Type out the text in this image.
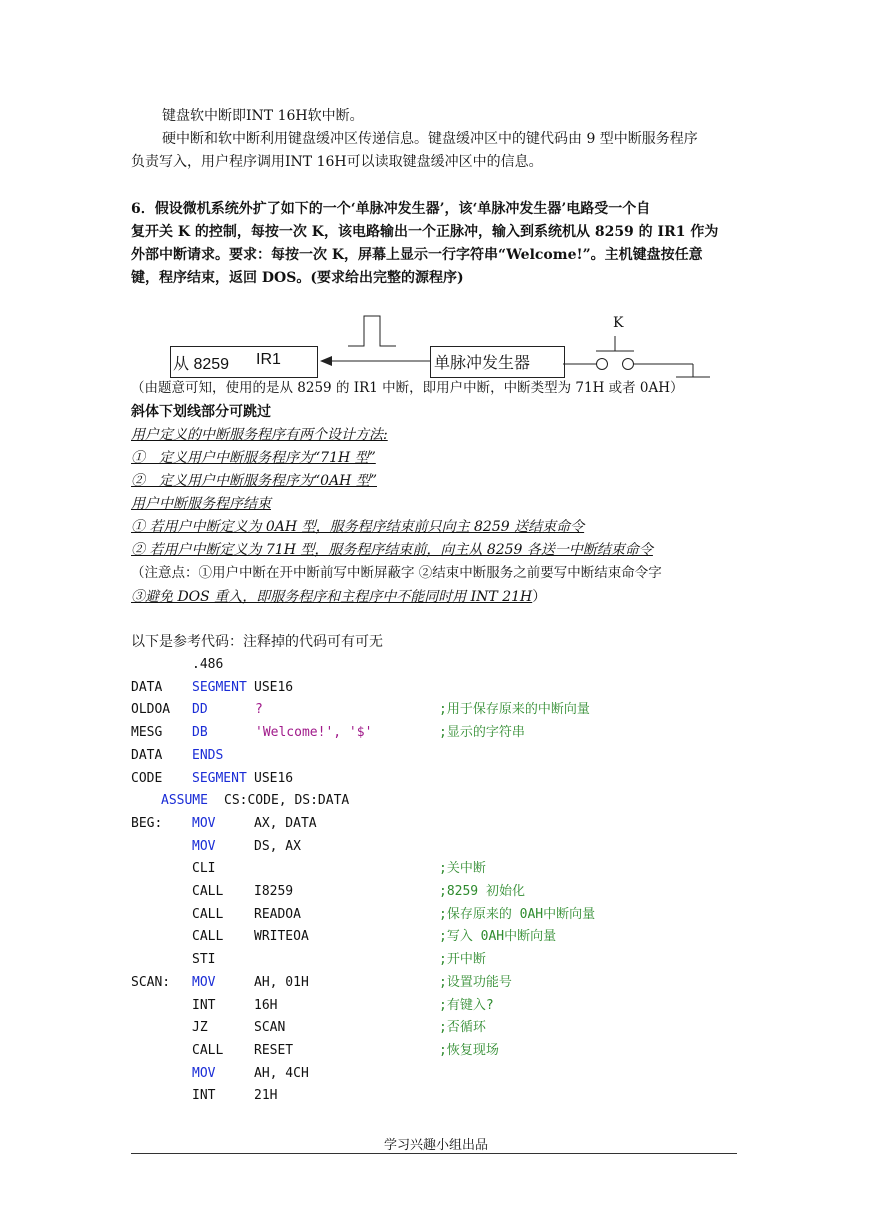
键盘软中断即INT 16H软中断。
硬中断和软中断利用键盘缓冲区传递信息。键盘缓冲区中的键代码由 9 型中断服务程序
负责写入，用户程序调用INT 16H可以读取键盘缓冲区中的信息。
6．假设微机系统外扩了如下的一个‘单脉冲发生器’，该‘单脉冲发生器’电路受一个自
复开关 K 的控制，每按一次 K，该电路输出一个正脉冲，输入到系统机从 8259 的 IR1 作为
外部中断请求。要求：每按一次 K，屏幕上显示一行字符串“Welcome!”。主机键盘按任意
键，程序结束，返回 DOS。(要求给出完整的源程序)
从 8259 IR1	单脉冲发生器
K
（由题意可知，使用的是从 8259 的 IR1 中断，即用户中断，中断类型为 71H 或者 0AH）
斜体下划线部分可跳过
用户定义的中断服务程序有两个设计方法:
①　定义用户中断服务程序为“71H 型”
②　定义用户中断服务程序为“0AH 型”
用户中断服务程序结束
① 若用户中断定义为 0AH 型，服务程序结束前只向主 8259 送结束命令
② 若用户中断定义为 71H 型，服务程序结束前，向主从 8259 各送一中断结束命令
（注意点：①用户中断在开中断前写中断屏蔽字 ②结束中断服务之前要写中断结束命令字
③避免 DOS 重入，即服务程序和主程序中不能同时用 INT 21H）
以下是参考代码：注释掉的代码可有可无
.486
DATA SEGMENT USE16
OLDOA DD	?	;用于保存原来的中断向量
MESG DB	'Welcome!', '$'	;显示的字符串
DATA ENDS
CODE SEGMENT USE16
ASSUME CS:CODE, DS:DATA
BEG: MOV	AX, DATA
MOV	DS, AX
CLI	;关中断
CALL I8259	;8259 初始化
CALL READOA	;保存原来的 0AH中断向量
CALL WRITEOA	;写入 0AH中断向量
STI	;开中断
SCAN: MOV	AH, 01H	;设置功能号
INT	16H	;有键入?
JZ	SCAN	;否循环
CALL RESET	;恢复现场
MOV	AH, 4CH
INT	21H
学习兴趣小组出品
